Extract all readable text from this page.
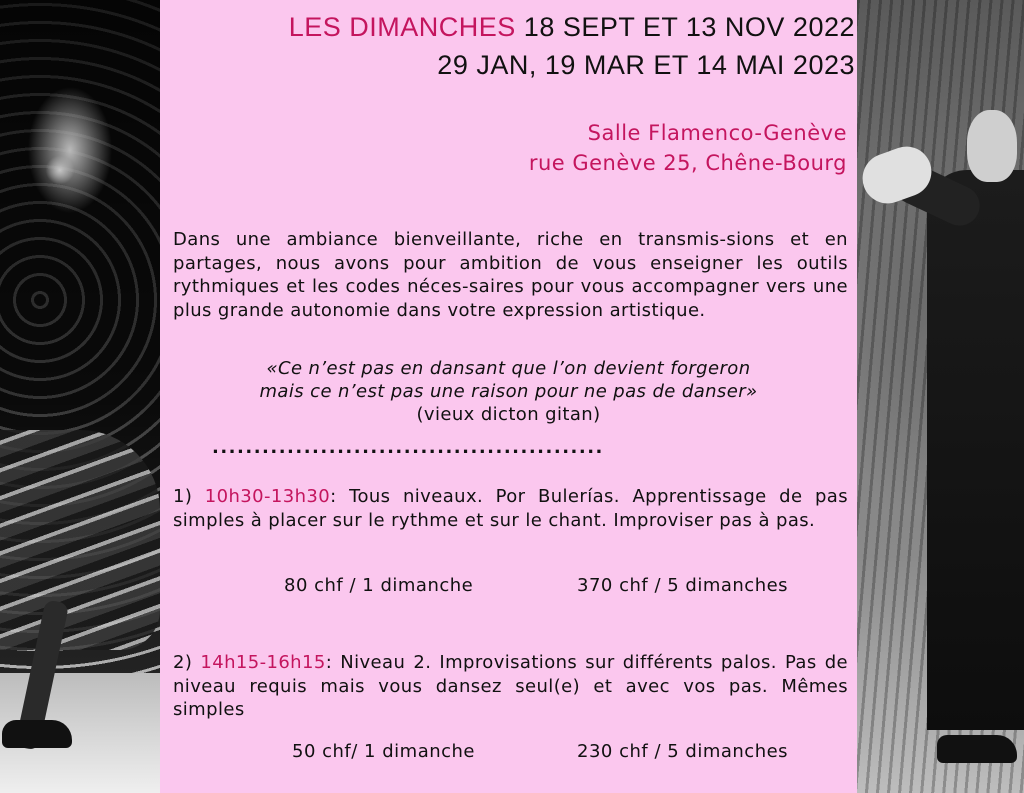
LES DIMANCHES 18 SEPT ET 13 NOV 2022
29 JAN, 19 MAR ET 14 MAI 2023
Salle Flamenco-Genève
rue Genève 25, Chêne-Bourg

Dans une ambiance bienveillante, riche en transmis-sions et en partages, nous avons pour ambition de vous enseigner les outils rythmiques et les codes néces-saires pour vous accompagner vers une plus grande autonomie dans votre expression artistique.

«Ce n’est pas en dansant que l’on devient forgeron
mais ce n’est pas une raison pour ne pas de danser»
(vieux dicton gitan)
...............................................
1) 10h30-13h30: Tous niveaux. Por Bulerías. Apprentissage de pas simples à placer sur le rythme et sur le chant. Improviser pas à pas.
80 chf / 1 dimanche	370 chf / 5 dimanches
2) 14h15-16h15: Niveau 2. Improvisations sur différents palos. Pas de niveau requis mais vous dansez seul(e) et avec vos pas. Mêmes simples
50 chf/ 1 dimanche	230 chf / 5 dimanches
